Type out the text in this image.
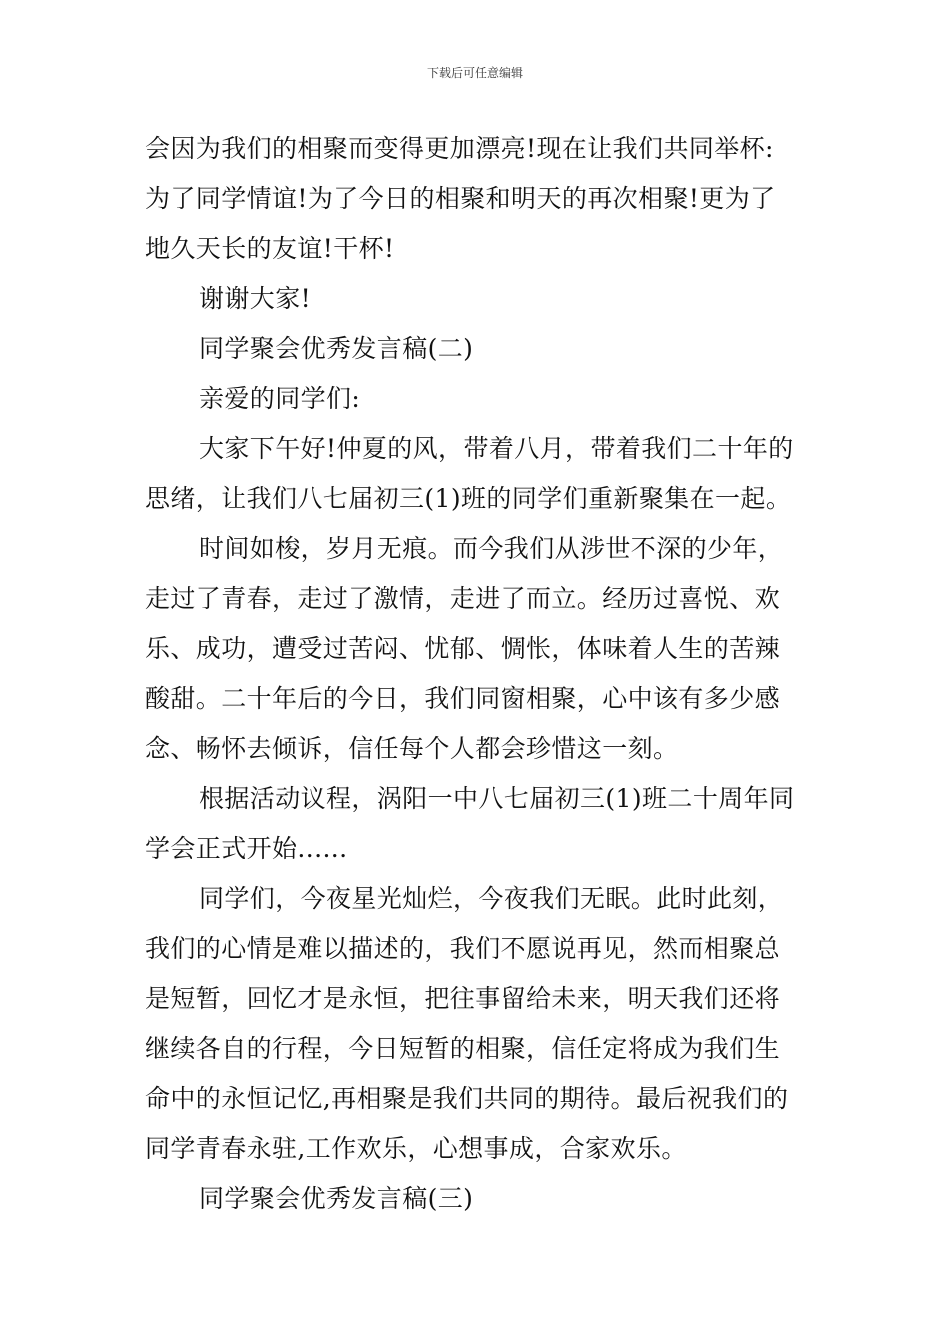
下载后可任意编辑

会因为我们的相聚而变得更加漂亮!现在让我们共同举杯:

为了同学情谊!为了今日的相聚和明天的再次相聚!更为了

地久天长的友谊!干杯!

谢谢大家!

同学聚会优秀发言稿(二)

亲爱的同学们:

大家下午好!仲夏的风，带着八月，带着我们二十年的

思绪，让我们八七届初三(1)班的同学们重新聚集在一起。

时间如梭，岁月无痕。而今我们从涉世不深的少年，

走过了青春，走过了激情，走进了而立。经历过喜悦、欢

乐、成功，遭受过苦闷、忧郁、惆怅，体味着人生的苦辣

酸甜。二十年后的今日，我们同窗相聚，心中该有多少感

念、畅怀去倾诉，信任每个人都会珍惜这一刻。

根据活动议程，涡阳一中八七届初三(1)班二十周年同

学会正式开始......

同学们，今夜星光灿烂，今夜我们无眠。此时此刻，

我们的心情是难以描述的，我们不愿说再见，然而相聚总

是短暂，回忆才是永恒，把往事留给未来，明天我们还将

继续各自的行程，今日短暂的相聚，信任定将成为我们生

命中的永恒记忆,再相聚是我们共同的期待。最后祝我们的

同学青春永驻,工作欢乐，心想事成，合家欢乐。

同学聚会优秀发言稿(三)
